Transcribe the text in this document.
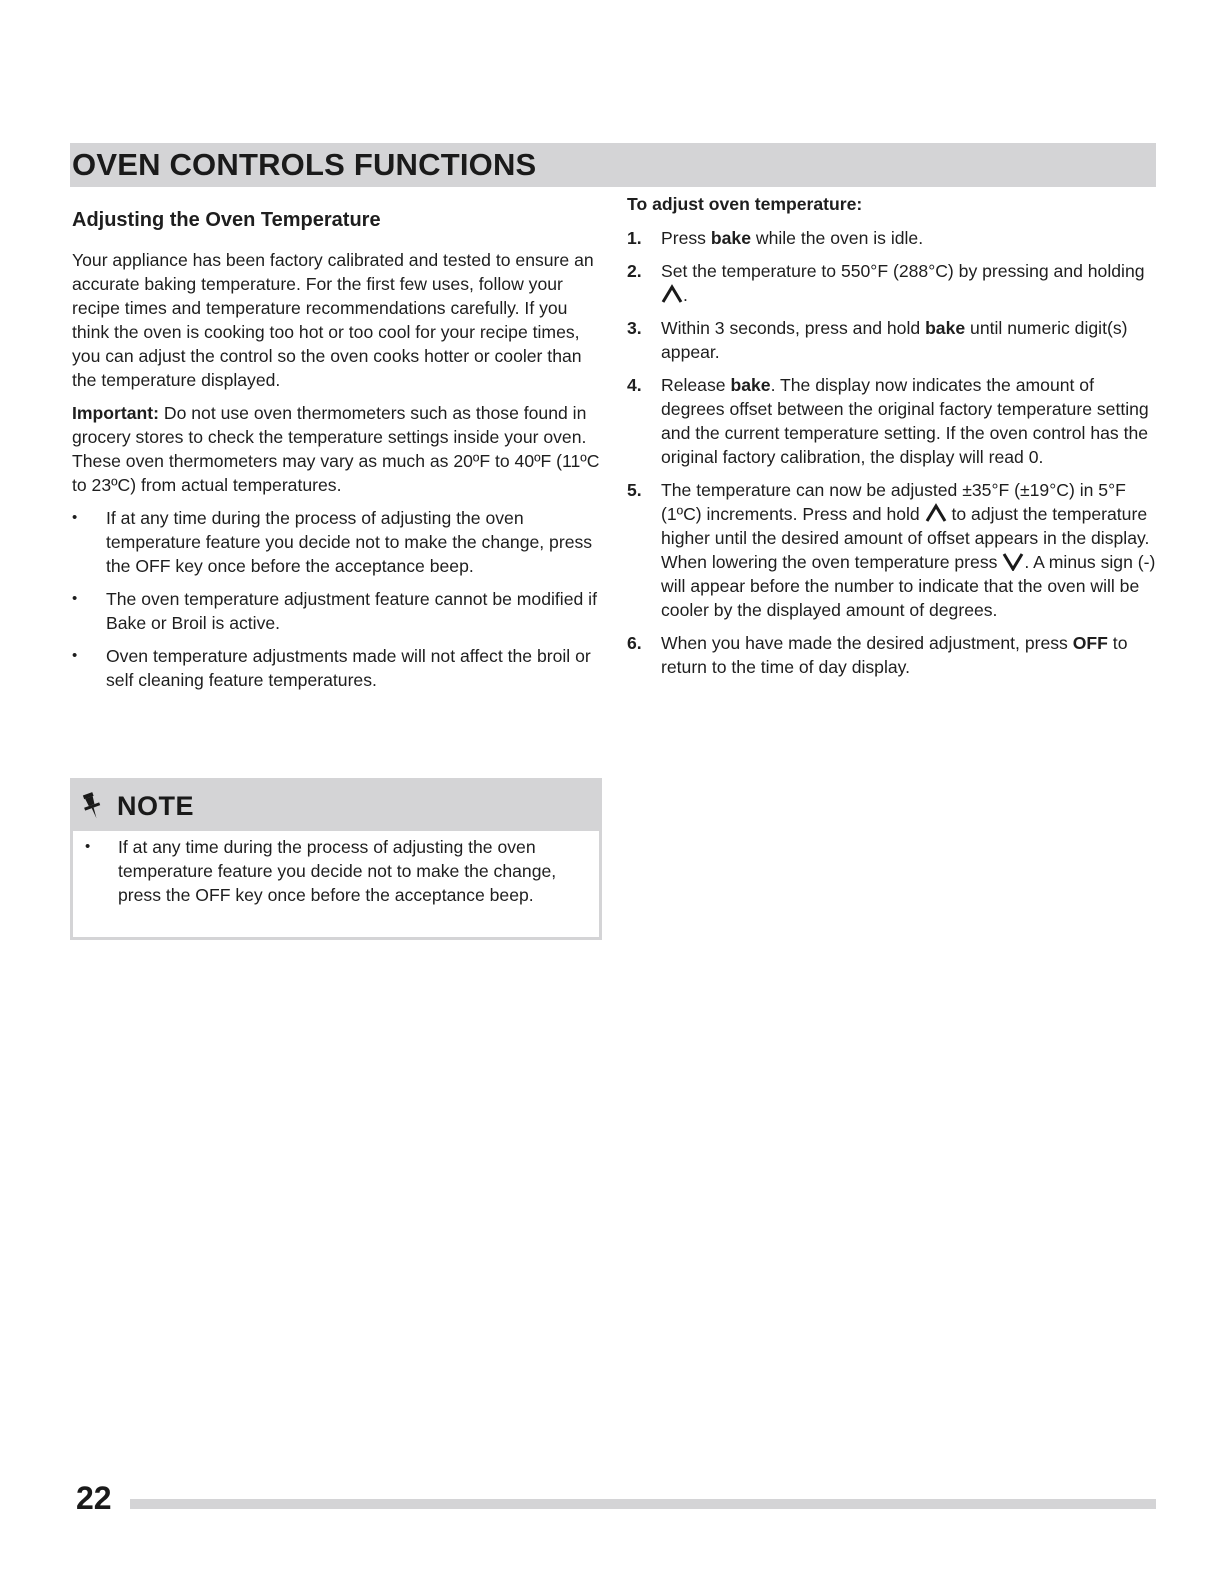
OVEN CONTROLS FUNCTIONS
Adjusting the Oven Temperature

Your appliance has been factory calibrated and tested to ensure an accurate baking temperature. For the first few uses, follow your recipe times and temperature recommendations carefully. If you think the oven is cooking too hot or too cool for your recipe times, you can adjust the control so the oven cooks hotter or cooler than the temperature displayed.

Important: Do not use oven thermometers such as those found in grocery stores to check the temperature settings inside your oven. These oven thermometers may vary as much as 20ºF to 40ºF (11ºC to 23ºC) from actual temperatures.

• If at any time during the process of adjusting the oven temperature feature you decide not to make the change, press the OFF key once before the acceptance beep.
• The oven temperature adjustment feature cannot be modified if Bake or Broil is active.
• Oven temperature adjustments made will not affect the broil or self cleaning feature temperatures.
NOTE
• If at any time during the process of adjusting the oven temperature feature you decide not to make the change, press the OFF key once before the acceptance beep.
To adjust oven temperature:
1. Press bake while the oven is idle.
2. Set the temperature to 550°F (288°C) by pressing and holding .
3. Within 3 seconds, press and hold bake until numeric digit(s) appear.
4. Release bake. The display now indicates the amount of degrees offset between the original factory temperature setting and the current temperature setting. If the oven control has the original factory calibration, the display will read 0.
5. The temperature can now be adjusted ±35°F (±19°C) in 5°F (1ºC) increments. Press and hold  to adjust the temperature higher until the desired amount of offset appears in the display. When lowering the oven temperature press . A minus sign (-) will appear before the number to indicate that the oven will be cooler by the displayed amount of degrees.
6. When you have made the desired adjustment, press OFF to return to the time of day display.
22
